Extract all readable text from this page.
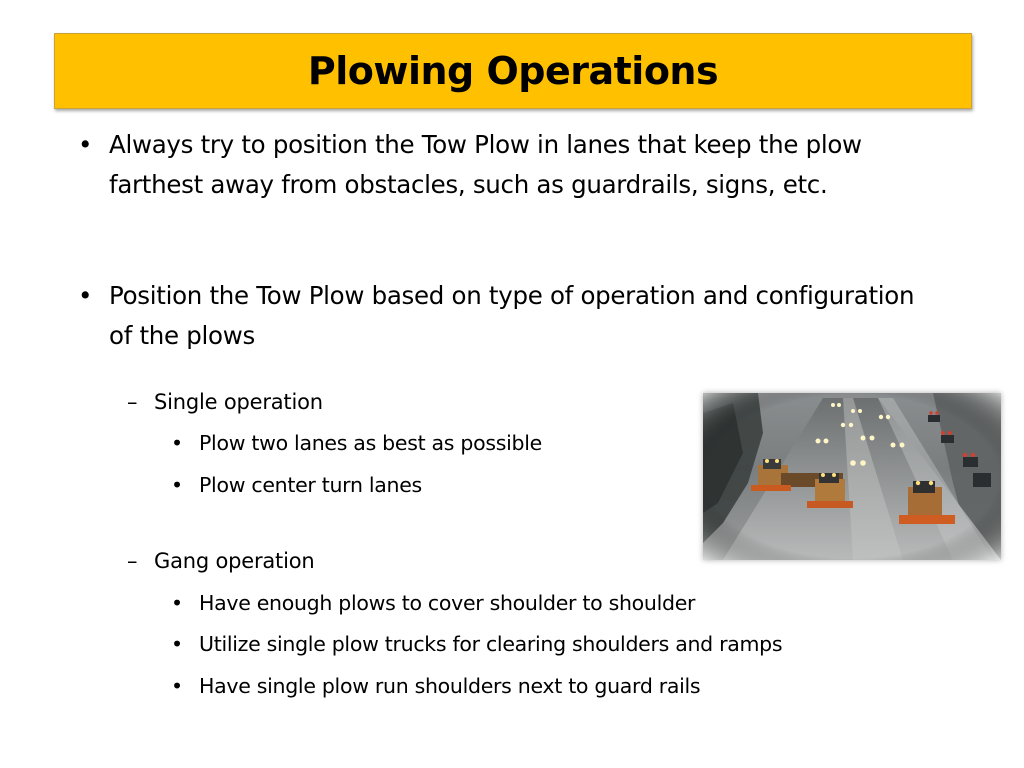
Plowing Operations
• Always try to position the Tow Plow in lanes that keep the plow farthest away from obstacles, such as guardrails, signs, etc.
• Position the Tow Plow based on type of operation and configuration of the plows
– Single operation
• Plow two lanes as best as possible
• Plow center turn lanes
– Gang operation
• Have enough plows to cover shoulder to shoulder
• Utilize single plow trucks for clearing shoulders and ramps
• Have single plow run shoulders next to guard rails
